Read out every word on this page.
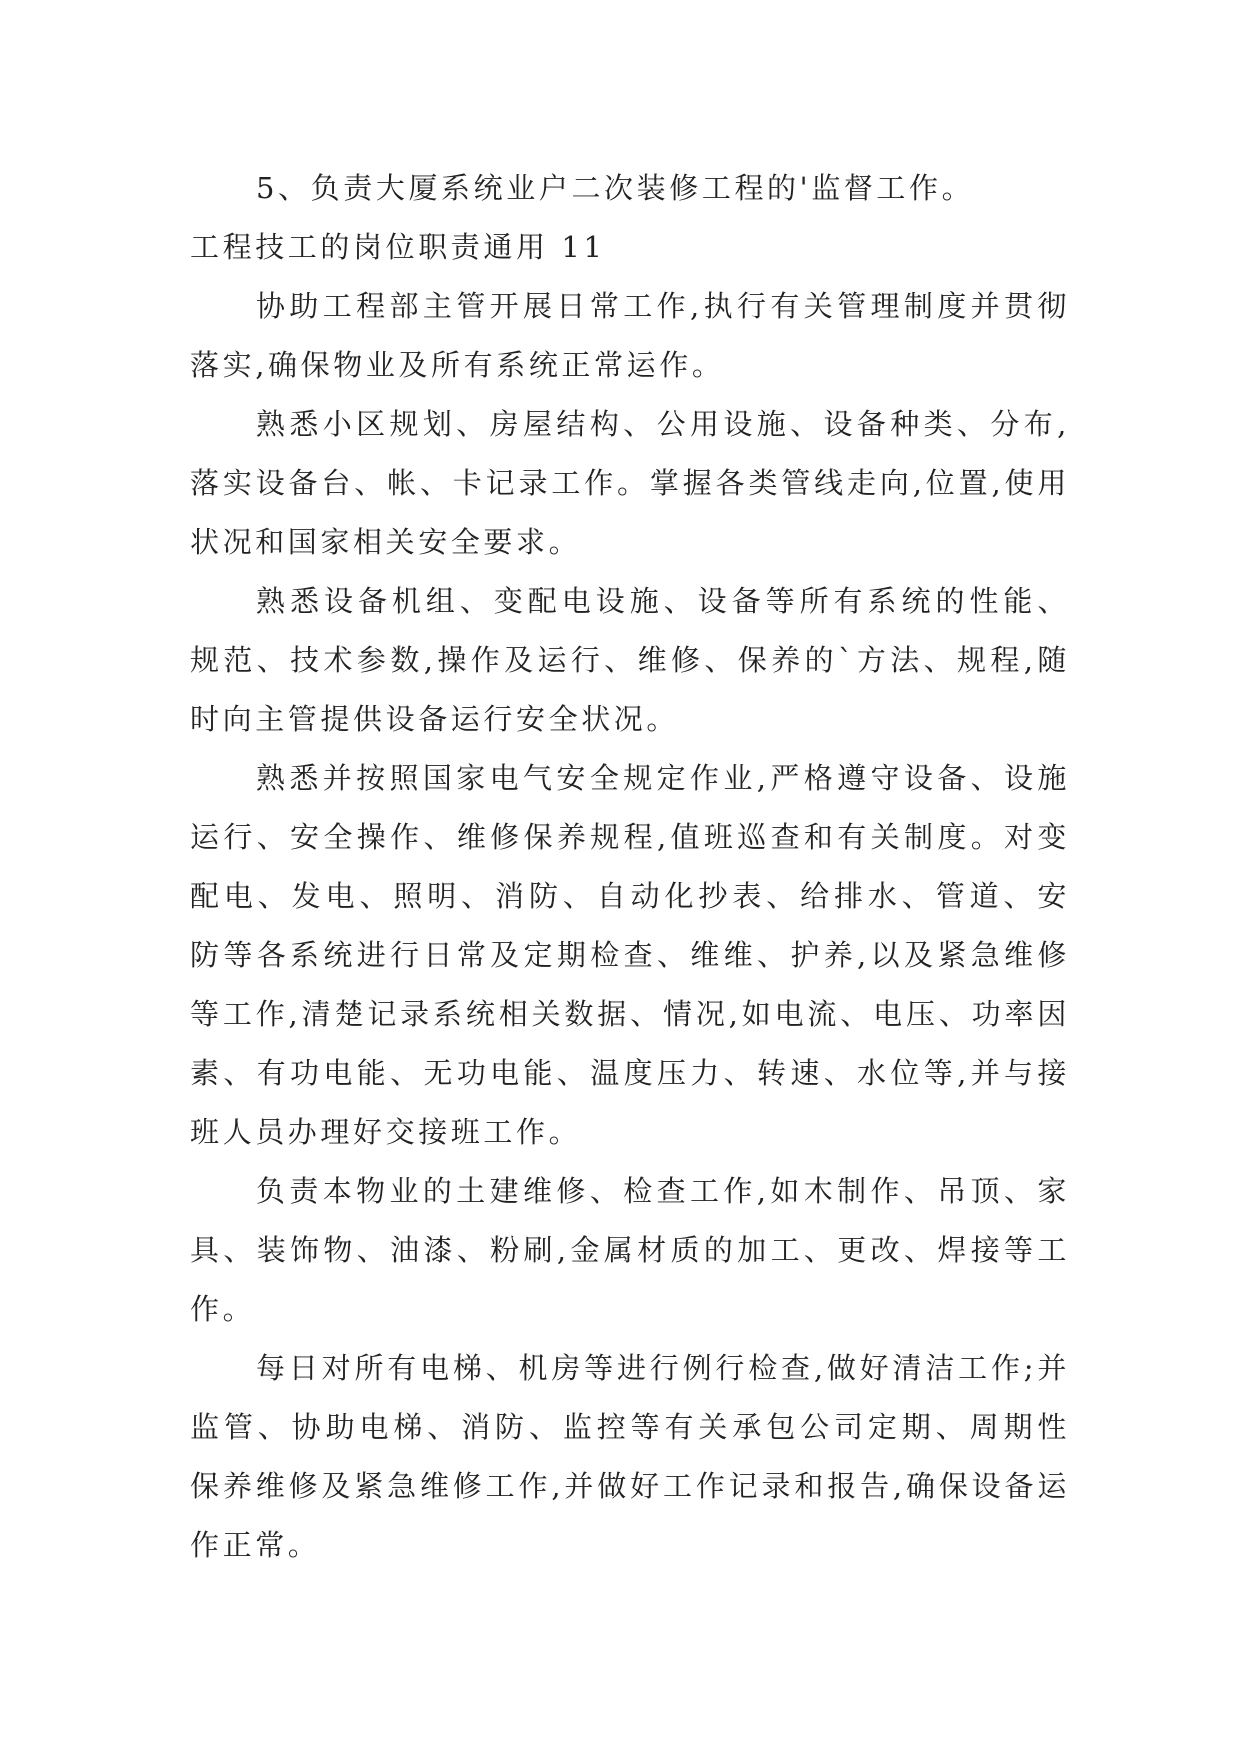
5、负责大厦系统业户二次装修工程的'监督工作。

工程技工的岗位职责通用 11

协助工程部主管开展日常工作,执行有关管理制度并贯彻落实,确保物业及所有系统正常运作。

熟悉小区规划、房屋结构、公用设施、设备种类、分布,落实设备台、帐、卡记录工作。掌握各类管线走向,位置,使用状况和国家相关安全要求。

熟悉设备机组、变配电设施、设备等所有系统的性能、规范、技术参数,操作及运行、维修、保养的`方法、规程,随时向主管提供设备运行安全状况。

熟悉并按照国家电气安全规定作业,严格遵守设备、设施运行、安全操作、维修保养规程,值班巡查和有关制度。对变配电、发电、照明、消防、自动化抄表、给排水、管道、安防等各系统进行日常及定期检查、维维、护养,以及紧急维修等工作,清楚记录系统相关数据、情况,如电流、电压、功率因素、有功电能、无功电能、温度压力、转速、水位等,并与接班人员办理好交接班工作。

负责本物业的土建维修、检查工作,如木制作、吊顶、家具、装饰物、油漆、粉刷,金属材质的加工、更改、焊接等工作。

每日对所有电梯、机房等进行例行检查,做好清洁工作;并监管、协助电梯、消防、监控等有关承包公司定期、周期性保养维修及紧急维修工作,并做好工作记录和报告,确保设备运作正常。
